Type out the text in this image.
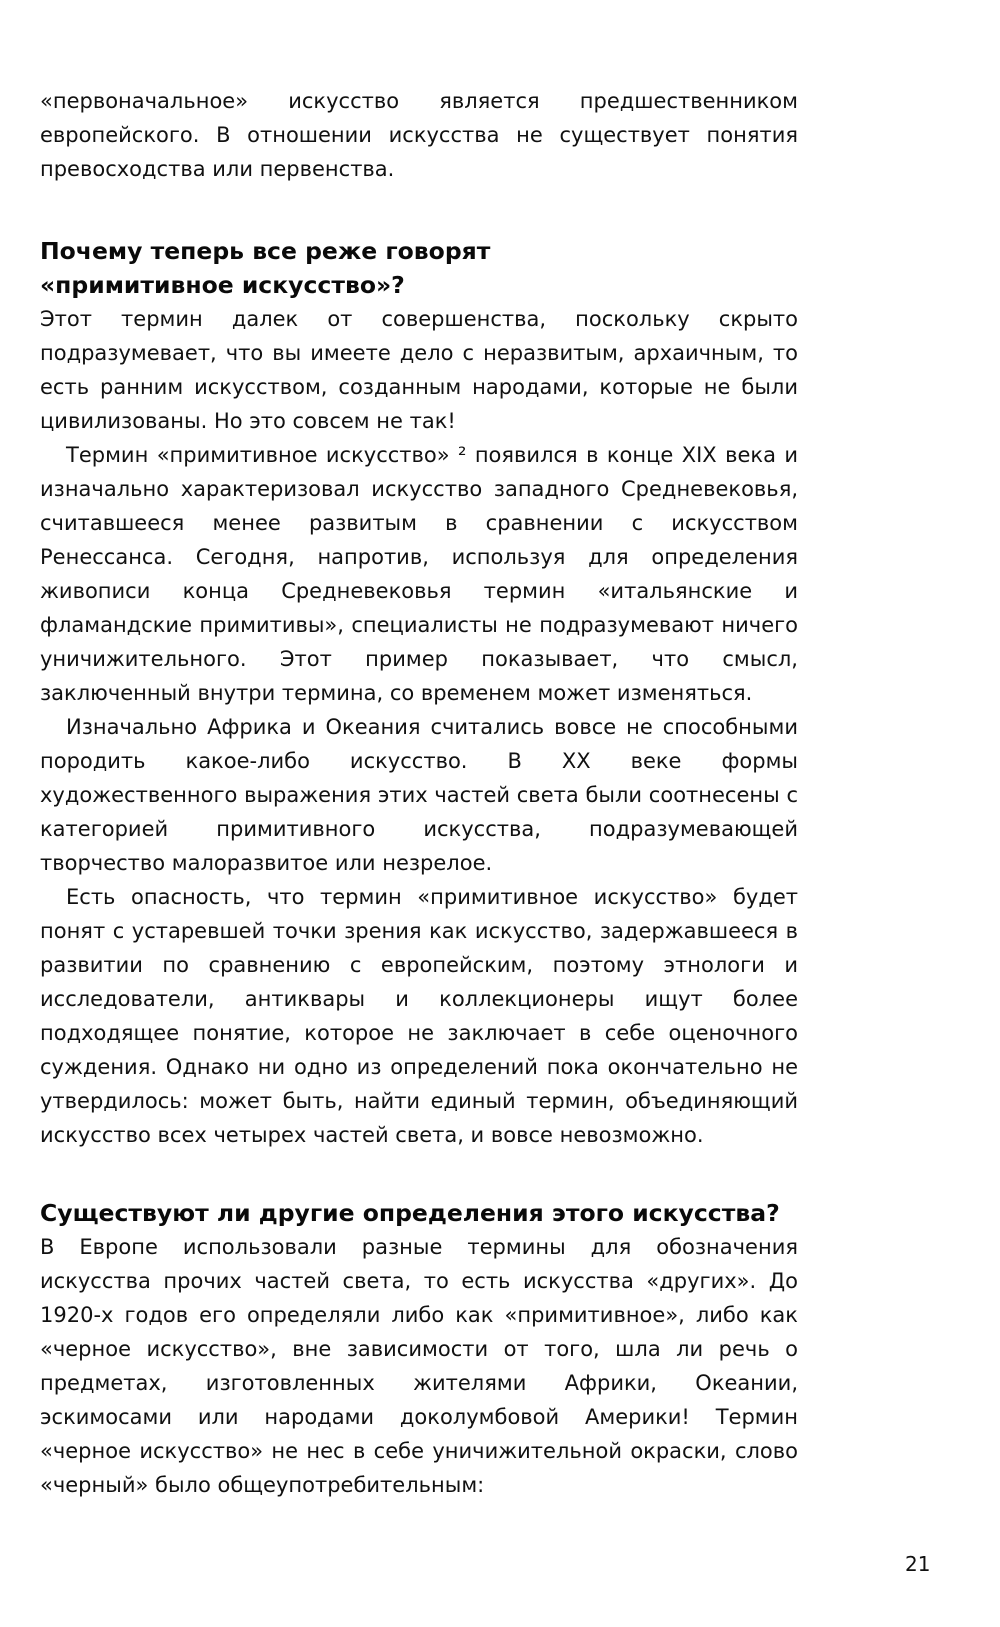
«первоначальное» искусство является предшественником европейского. В отношении искусства не существует понятия превосходства или первенства.

Почему теперь все реже говорят
«примитивное искусство»?

Этот термин далек от совершенства, поскольку скрыто подразумевает, что вы имеете дело с неразвитым, архаичным, то есть ранним искусством, созданным народами, которые не были цивилизованы. Но это совсем не так!

Термин «примитивное искусство» ² появился в конце XIX века и изначально характеризовал искусство западного Средневековья, считавшееся менее развитым в сравнении с искусством Ренессанса. Сегодня, напротив, используя для определения живописи конца Средневековья термин «итальянские и фламандские примитивы», специалисты не подразумевают ничего уничижительного. Этот пример показывает, что смысл, заключенный внутри термина, со временем может изменяться.

Изначально Африка и Океания считались вовсе не способными породить какое-либо искусство. В XX веке формы художественного выражения этих частей света были соотнесены с категорией примитивного искусства, подразумевающей творчество малоразвитое или незрелое.

Есть опасность, что термин «примитивное искусство» будет понят с устаревшей точки зрения как искусство, задержавшееся в развитии по сравнению с европейским, поэтому этнологи и исследователи, антиквары и коллекционеры ищут более подходящее понятие, которое не заключает в себе оценочного суждения. Однако ни одно из определений пока окончательно не утвердилось: может быть, найти единый термин, объединяющий искусство всех четырех частей света, и вовсе невозможно.

Существуют ли другие определения этого искусства?

В Европе использовали разные термины для обозначения искусства прочих частей света, то есть искусства «других». До 1920-х годов его определяли либо как «примитивное», либо как «черное искусство», вне зависимости от того, шла ли речь о предметах, изготовленных жителями Африки, Океании, эскимосами или народами доколумбовой Америки! Термин «черное искусство» не нес в себе уничижительной окраски, слово «черный» было общеупотребительным:

21
